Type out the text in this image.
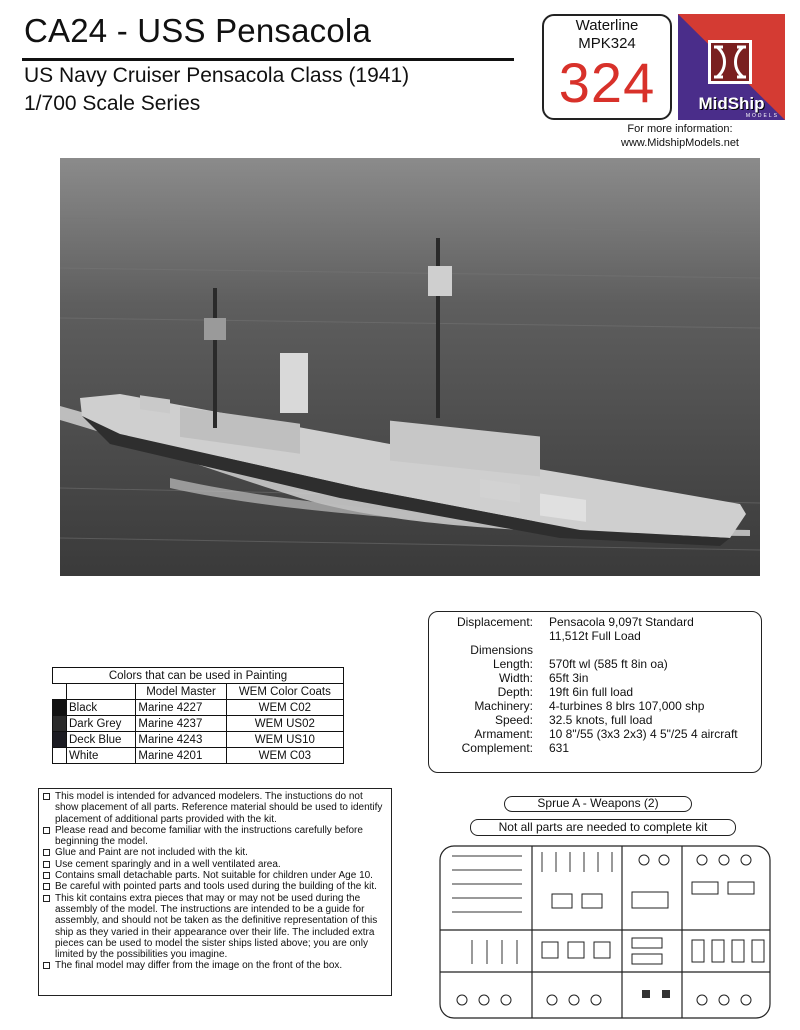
CA24 - USS Pensacola
US Navy Cruiser Pensacola Class (1941)
1/700 Scale Series
Waterline
MPK324
324	MidShip
MODELS
For more information:
www.MidshipModels.net
Displacement: Pensacola 9,097t Standard
11,512t Full Load
Dimensions
Length: 570ft wl (585 ft 8in oa)
Width: 65ft 3in
Depth: 19ft 6in full load
Machinery: 4-turbines 8 blrs 107,000 shp
Speed: 32.5 knots, full load
Armament: 10 8"/55 (3x3 2x3) 4 5"/25 4 aircraft
Complement: 631
Colors that can be used in Painting			
		Model Master	WEM Color Coats
	Black	Marine 4227	WEM C02
	Dark Grey	Marine 4237	WEM US02
	Deck Blue	Marine 4243	WEM US10
	White	Marine 4201	WEM C03
This model is intended for advanced modelers. The instuctions do not show placement of all parts. Reference material should be used to identify placement of additional parts provided with the kit.
Please read and become familiar with the instructions carefully before beginning the model.
Glue and Paint are not included with the kit.
Use cement sparingly and in a well ventilated area.
Contains small detachable parts. Not suitable for children under Age 10.
Be careful with pointed parts and tools used during the building of the kit.
This kit contains extra pieces that may or may not be used during the assembly of the model. The instructions are intended to be a guide for assembly, and should not be taken as the definitive representation of this ship as they varied in their appearance over their life. The included extra pieces can be used to model the sister ships listed above; you are only limited by the possibilities you imagine.
The final model may differ from the image on the front of the box.
Sprue A - Weapons (2)
Not all parts are needed to complete kit
